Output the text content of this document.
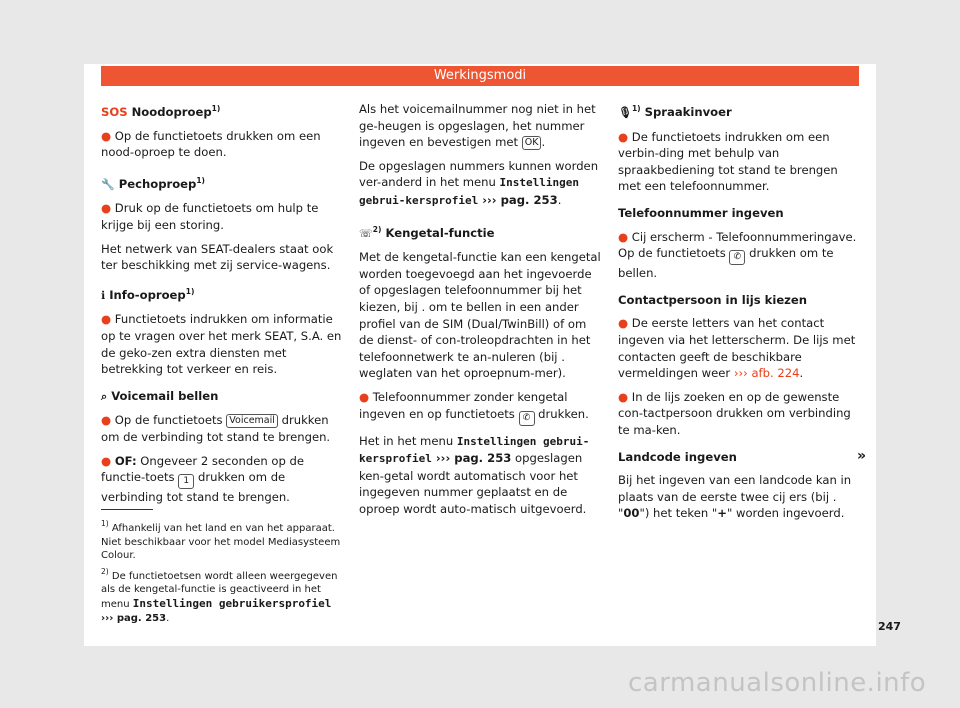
Werkingsmodi

SOS Noodoproep$^{1)}$

● Op de functietoets drukken om een nood-oproep te doen.

🔧 Pechoproep$^{1)}$

● Druk op de functietoets om hulp te krijge bij een storing.

Het netwerk van SEAT-dealers staat ook ter beschikking met zij service-wagens.

ℹ Info-oproep$^{1)}$

● Functietoets indrukken om informatie op te vragen over het merk SEAT, S.A. en de geko-zen extra diensten met betrekking tot verkeer en reis.

⌕ Voicemail bellen

● Op de functietoets Voicemail drukken om de verbinding tot stand te brengen.

● OF: Ongeveer 2 seconden op de functie-toets 1 drukken om de verbinding tot stand te brengen.

Als het voicemailnummer nog niet in het ge-heugen is opgeslagen, het nummer ingeven en bevestigen met OK .

De opgeslagen nummers kunnen worden ver-anderd in het menu Instellingen gebrui-kersprofiel ››› pag. 253.

☏$^{2)}$ Kengetal-functie

Met de kengetal-functie kan een kengetal worden toegevoegd aan het ingevoerde of opgeslagen telefoonnummer bij het kiezen, bij . om te bellen in een ander profiel van de SIM (Dual/TwinBill) of om de dienst- of con-troleopdrachten in het telefoonnetwerk te an-nuleren (bij . weglaten van het oproepnum-mer).

● Telefoonnummer zonder kengetal ingeven en op functietoets ✆ drukken.

Het in het menu Instellingen gebrui-kersprofiel ››› pag. 253 opgeslagen ken-getal wordt automatisch voor het ingegeven nummer geplaatst en de oproep wordt auto-matisch uitgevoerd.

🎙$^{1)}$ Spraakinvoer

● De functietoets indrukken om een verbin-ding met behulp van spraakbediening tot stand te brengen met een telefoonnummer.

Telefoonnummer ingeven

● Cij erscherm - Telefoonnummeringave. Op de functietoets ✆ drukken om te bellen.

Contactpersoon in lijs kiezen

● De eerste letters van het contact ingeven via het letterscherm. De lijs met contacten geeft de beschikbare vermeldingen weer ››› afb. 224.

● In de lijs zoeken en op de gewenste con-tactpersoon drukken om verbinding te ma-ken.

Landcode ingeven

Bij het ingeven van een landcode kan in plaats van de eerste twee cij ers (bij . "00") het teken "+" worden ingevoerd.

»

$^{1)}$ Afhankelij van het land en van het apparaat. Niet beschikbaar voor het model Mediasysteem Colour.

$^{2)}$ De functietoetsen wordt alleen weergegeven als de kengetal-functie is geactiveerd in het menu Instellingen gebruikersprofiel ››› pag. 253.

247
carmanualsonline.info
